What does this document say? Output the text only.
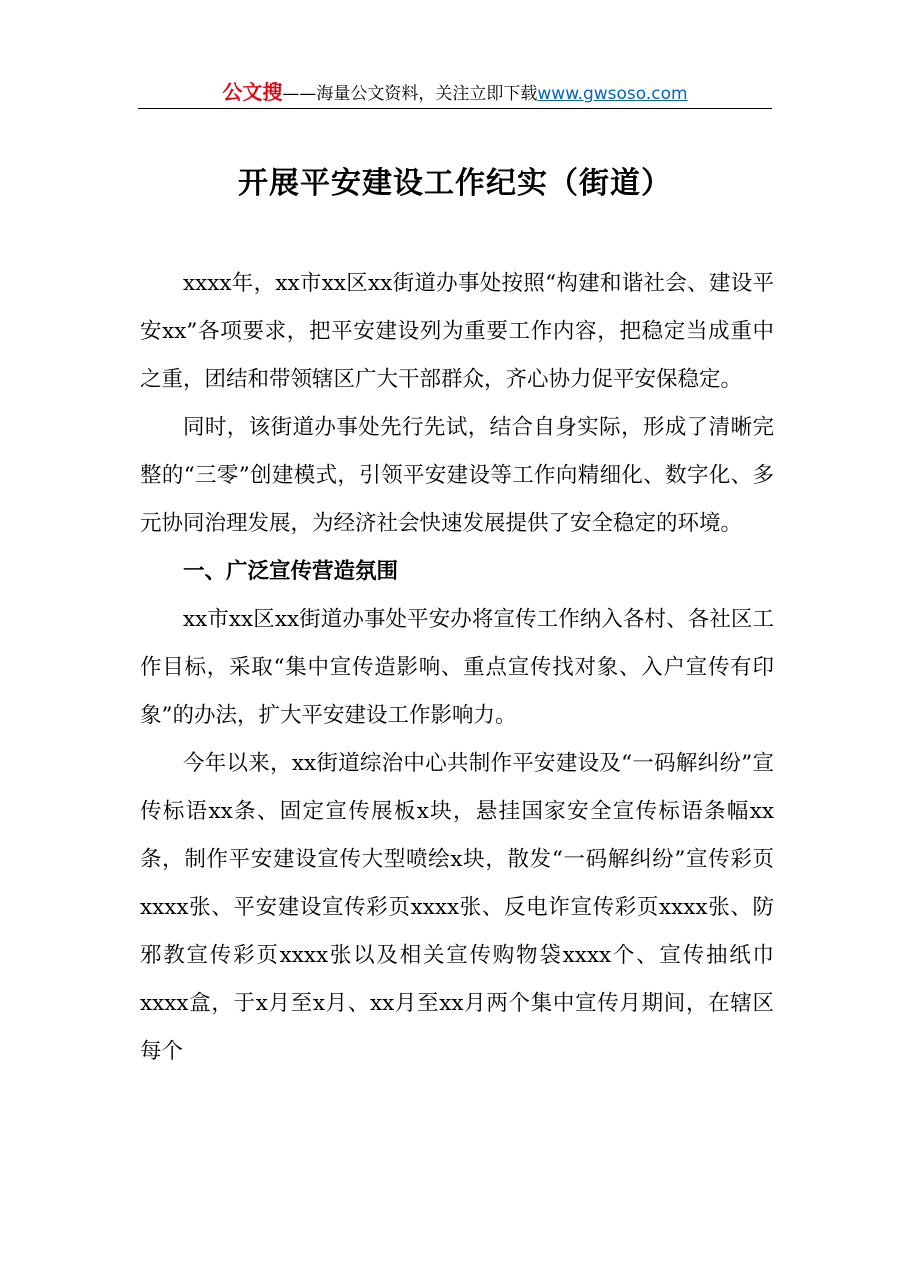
公文搜——海量公文资料，关注立即下载www.gwsoso.com
开展平安建设工作纪实（街道）

xxxx年，xx市xx区xx街道办事处按照“构建和谐社会、建设平安xx”各项要求，把平安建设列为重要工作内容，把稳定当成重中之重，团结和带领辖区广大干部群众，齐心协力促平安保稳定。

同时，该街道办事处先行先试，结合自身实际，形成了清晰完整的“三零”创建模式，引领平安建设等工作向精细化、数字化、多元协同治理发展，为经济社会快速发展提供了安全稳定的环境。

一、广泛宣传营造氛围

xx市xx区xx街道办事处平安办将宣传工作纳入各村、各社区工作目标，采取“集中宣传造影响、重点宣传找对象、入户宣传有印象”的办法，扩大平安建设工作影响力。

今年以来，xx街道综治中心共制作平安建设及“一码解纠纷”宣传标语xx条、固定宣传展板x块，悬挂国家安全宣传标语条幅xx条，制作平安建设宣传大型喷绘x块，散发“一码解纠纷”宣传彩页xxxx张、平安建设宣传彩页xxxx张、反电诈宣传彩页xxxx张、防邪教宣传彩页xxxx张以及相关宣传购物袋xxxx个、宣传抽纸巾xxxx盒，于x月至x月、xx月至xx月两个集中宣传月期间，在辖区每个
